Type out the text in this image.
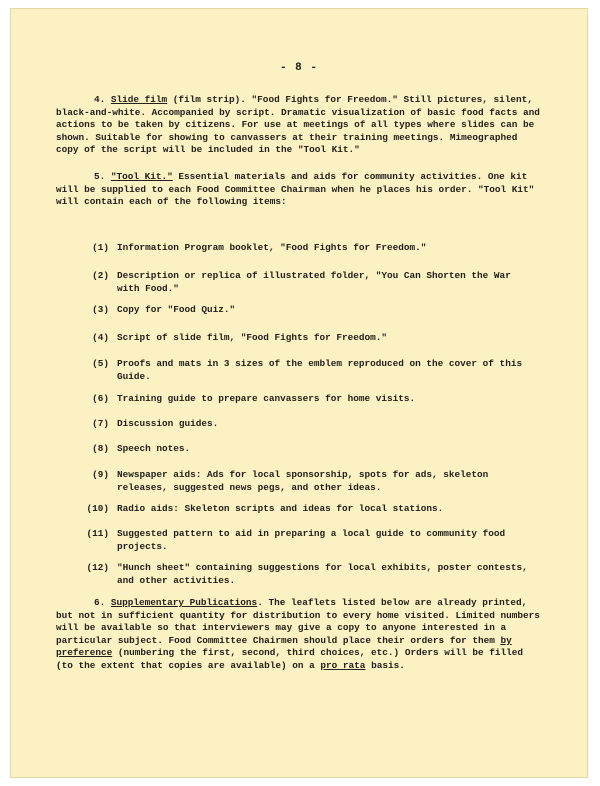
- 8 -

4. Slide film (film strip). "Food Fights for Freedom." Still pictures, silent, black-and-white. Accompanied by script. Dramatic visualization of basic food facts and actions to be taken by citizens. For use at meetings of all types where slides can be shown. Suitable for showing to canvassers at their training meetings. Mimeographed copy of the script will be included in the "Tool Kit."

5. "Tool Kit." Essential materials and aids for community activities. One kit will be supplied to each Food Committee Chairman when he places his order. "Tool Kit" will contain each of the following items:

(1) Information Program booklet, "Food Fights for Freedom."
(2) Description or replica of illustrated folder, "You Can Shorten the War with Food."
(3) Copy for "Food Quiz."
(4) Script of slide film, "Food Fights for Freedom."
(5) Proofs and mats in 3 sizes of the emblem reproduced on the cover of this Guide.
(6) Training guide to prepare canvassers for home visits.
(7) Discussion guides.
(8) Speech notes.
(9) Newspaper aids: Ads for local sponsorship, spots for ads, skeleton releases, suggested news pegs, and other ideas.
(10) Radio aids: Skeleton scripts and ideas for local stations.
(11) Suggested pattern to aid in preparing a local guide to community food projects.
(12) "Hunch sheet" containing suggestions for local exhibits, poster contests, and other activities.

6. Supplementary Publications. The leaflets listed below are already printed, but not in sufficient quantity for distribution to every home visited. Limited numbers will be available so that interviewers may give a copy to anyone interested in a particular subject. Food Committee Chairmen should place their orders for them by preference (numbering the first, second, third choices, etc.) Orders will be filled (to the extent that copies are available) on a pro rata basis.
